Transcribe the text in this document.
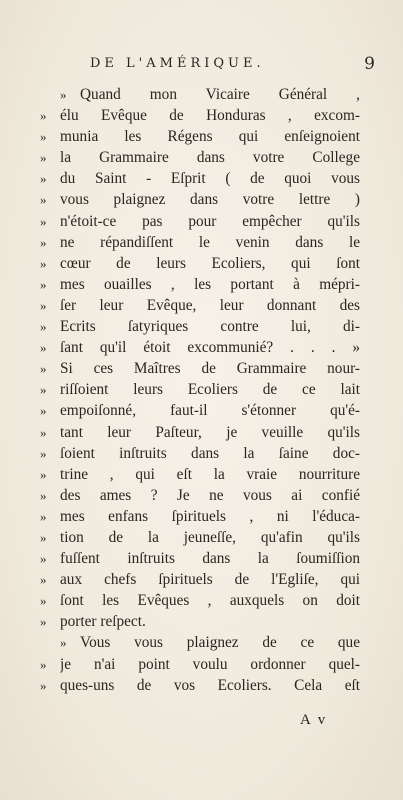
DE L'AMÉRIQUE.	9
» Quand mon Vicaire Général ,
» élu Evêque de Honduras , excom-
» munia les Régens qui enſeignoient
» la Grammaire dans votre College
» du Saint - Eſprit ( de quoi vous
» vous plaignez dans votre lettre )
» n'étoit-ce pas pour empêcher qu'ils
» ne répandiſſent le venin dans le
» cœur de leurs Ecoliers, qui ſont
» mes ouailles , les portant à mépri-
» ſer leur Evêque, leur donnant des
» Ecrits ſatyriques contre lui, di-
» ſant qu'il étoit excommunié? . . . »
» Si ces Maîtres de Grammaire nour-
» riſſoient leurs Ecoliers de ce lait
» empoiſonné, faut-il s'étonner qu'é-
» tant leur Paſteur, je veuille qu'ils
» ſoient inſtruits dans la ſaine doc-
» trine , qui eſt la vraie nourriture
» des ames ? Je ne vous ai confié
» mes enfans ſpirituels , ni l'éduca-
» tion de la jeuneſſe, qu'afin qu'ils
» fuſſent inſtruits dans la ſoumiſſion
» aux chefs ſpirituels de l'Egliſe, qui
» ſont les Evêques , auxquels on doit
» porter reſpect.
» Vous vous plaignez de ce que
» je n'ai point voulu ordonner quel-
» ques-uns de vos Ecoliers. Cela eſt
A v
